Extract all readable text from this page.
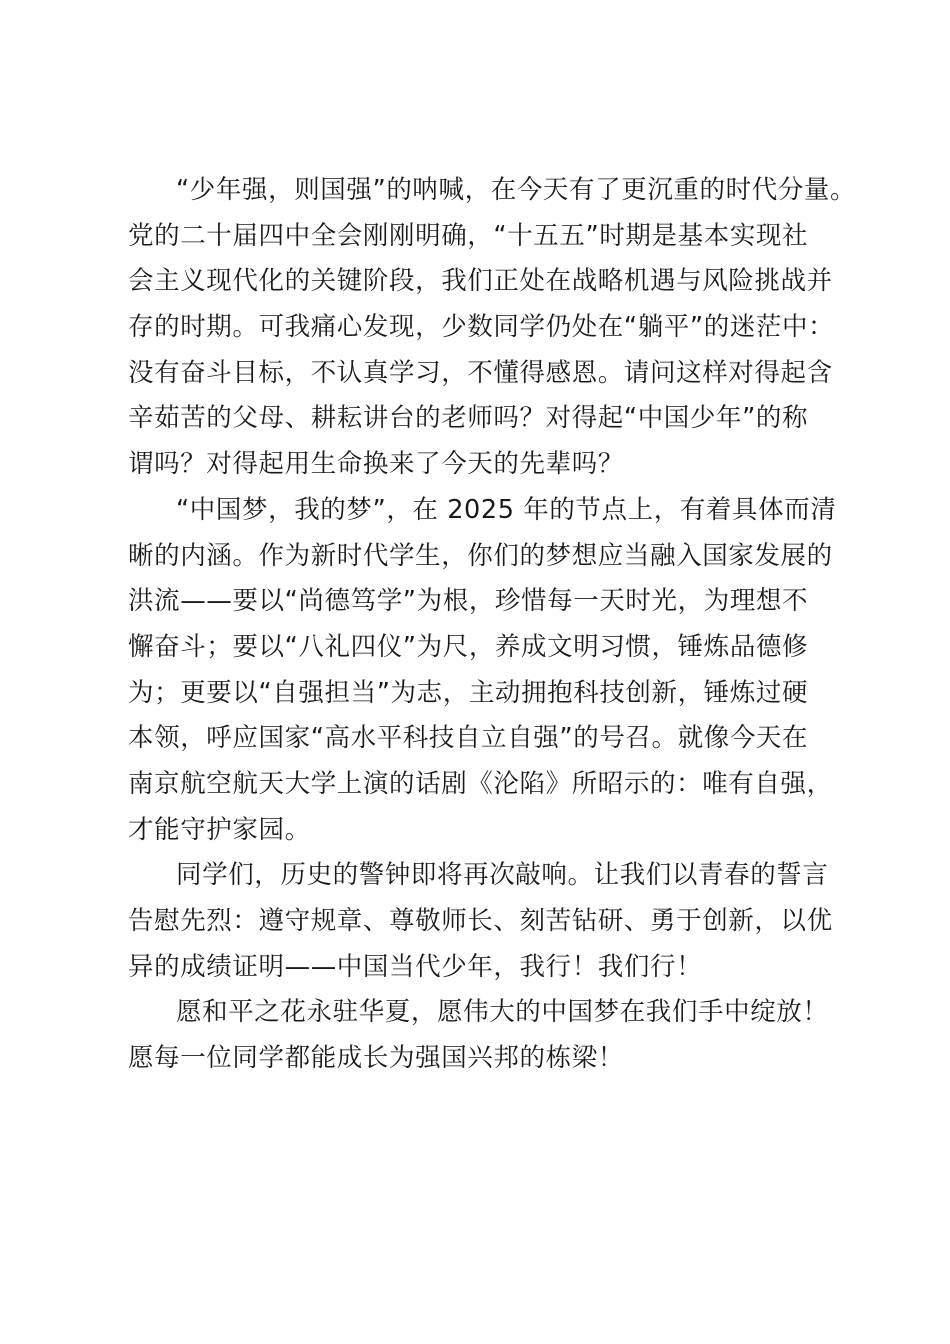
“少年强，则国强”的呐喊，在今天有了更沉重的时代分量。
党的二十届四中全会刚刚明确，“十五五”时期是基本实现社
会主义现代化的关键阶段，我们正处在战略机遇与风险挑战并
存的时期。可我痛心发现，少数同学仍处在“躺平”的迷茫中：
没有奋斗目标，不认真学习，不懂得感恩。请问这样对得起含
辛茹苦的父母、耕耘讲台的老师吗？对得起“中国少年”的称
谓吗？对得起用生命换来了今天的先辈吗？

“中国梦，我的梦”，在 2025 年的节点上，有着具体而清
晰的内涵。作为新时代学生，你们的梦想应当融入国家发展的
洪流——要以“尚德笃学”为根，珍惜每一天时光，为理想不
懈奋斗；要以“八礼四仪”为尺，养成文明习惯，锤炼品德修
为；更要以“自强担当”为志，主动拥抱科技创新，锤炼过硬
本领，呼应国家“高水平科技自立自强”的号召。就像今天在
南京航空航天大学上演的话剧《沦陷》所昭示的：唯有自强，
才能守护家园。

同学们，历史的警钟即将再次敲响。让我们以青春的誓言
告慰先烈：遵守规章、尊敬师长、刻苦钻研、勇于创新，以优
异的成绩证明——中国当代少年，我行！我们行！

愿和平之花永驻华夏，愿伟大的中国梦在我们手中绽放！
愿每一位同学都能成长为强国兴邦的栋梁！
